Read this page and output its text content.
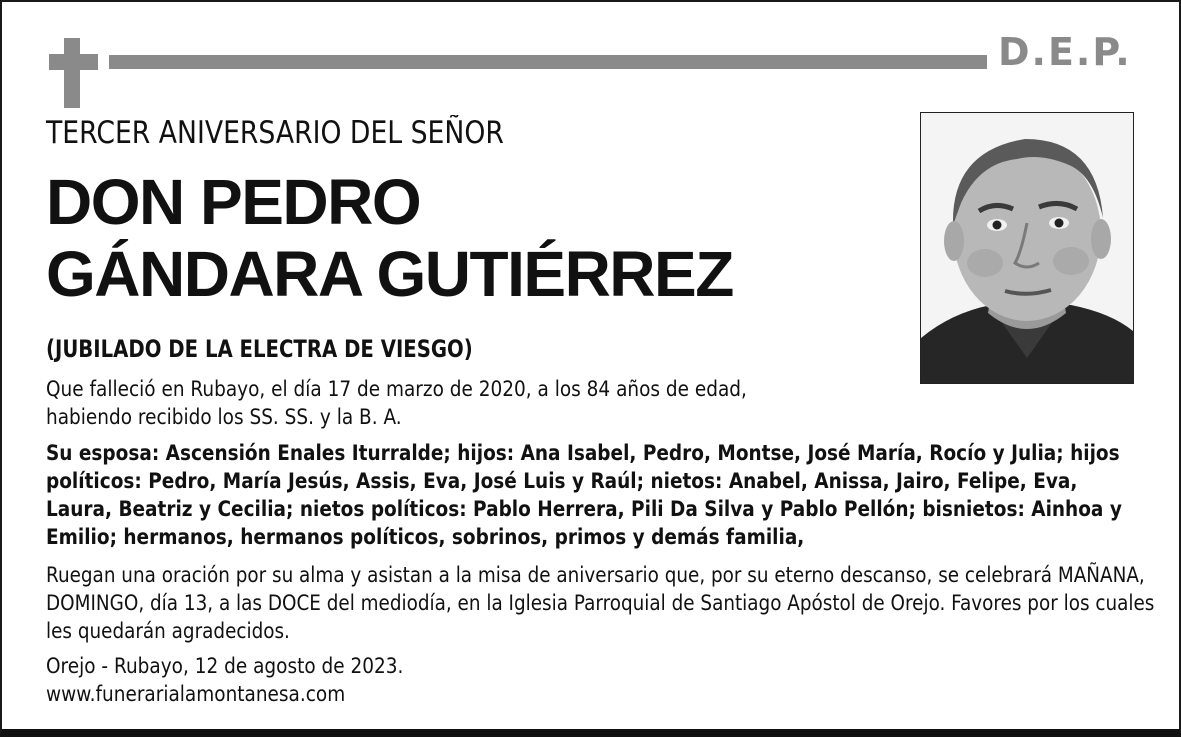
D.E.P.
TERCER ANIVERSARIO DEL SEÑOR
DON PEDRO
GÁNDARA GUTIÉRREZ
(JUBILADO DE LA ELECTRA DE VIESGO)
Que falleció en Rubayo, el día 17 de marzo de 2020, a los 84 años de edad,
habiendo recibido los SS. SS. y la B. A.
Su esposa: Ascensión Enales Iturralde; hijos: Ana Isabel, Pedro, Montse, José María, Rocío y Julia; hijos políticos: Pedro, María Jesús, Assis, Eva, José Luis y Raúl; nietos: Anabel, Anissa, Jairo, Felipe, Eva, Laura, Beatriz y Cecilia; nietos políticos: Pablo Herrera, Pili Da Silva y Pablo Pellón; bisnietos: Ainhoa y Emilio; hermanos, hermanos políticos, sobrinos, primos y demás familia,
Ruegan una oración por su alma y asistan a la misa de aniversario que, por su eterno descanso, se celebrará MAÑANA, DOMINGO, día 13, a las DOCE del mediodía, en la Iglesia Parroquial de Santiago Apóstol de Orejo. Favores por los cuales les quedarán agradecidos.
Orejo - Rubayo, 12 de agosto de 2023.
www.funerarialamontanesa.com
